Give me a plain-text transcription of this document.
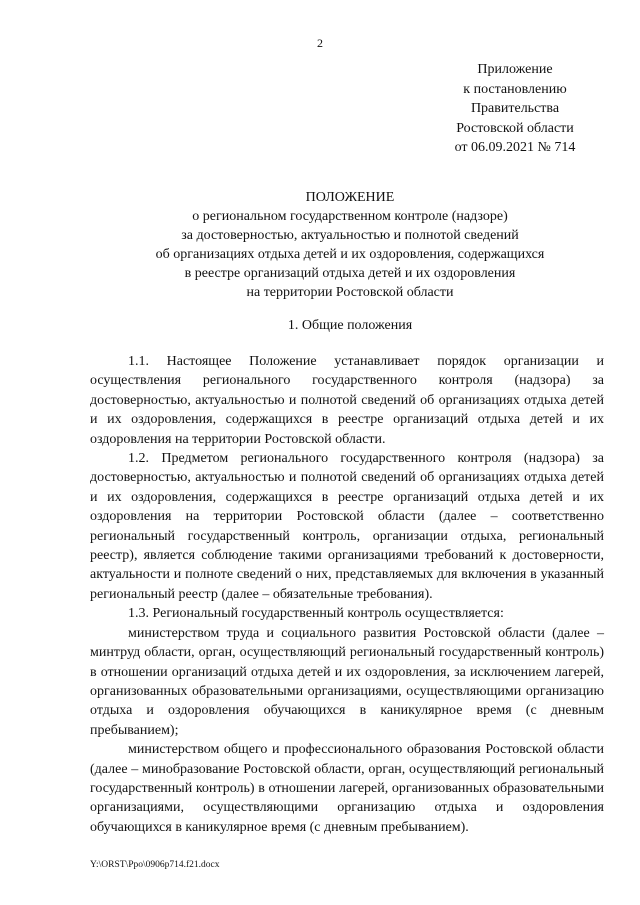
2
Приложение
к постановлению
Правительства
Ростовской области
от 06.09.2021 № 714
ПОЛОЖЕНИЕ
о региональном государственном контроле (надзоре)
за достоверностью, актуальностью и полнотой сведений
об организациях отдыха детей и их оздоровления, содержащихся
в реестре организаций отдыха детей и их оздоровления
на территории Ростовской области
1. Общие положения

1.1. Настоящее Положение устанавливает порядок организации и осуществления регионального государственного контроля (надзора) за достоверностью, актуальностью и полнотой сведений об организациях отдыха детей и их оздоровления, содержащихся в реестре организаций отдыха детей и их оздоровления на территории Ростовской области.

1.2. Предметом регионального государственного контроля (надзора) за достоверностью, актуальностью и полнотой сведений об организациях отдыха детей и их оздоровления, содержащихся в реестре организаций отдыха детей и их оздоровления на территории Ростовской области (далее – соответственно региональный государственный контроль, организации отдыха, региональный реестр), является соблюдение такими организациями требований к достоверности, актуальности и полноте сведений о них, представляемых для включения в указанный региональный реестр (далее – обязательные требования).

1.3. Региональный государственный контроль осуществляется:

министерством труда и социального развития Ростовской области (далее – минтруд области, орган, осуществляющий региональный государственный контроль) в отношении организаций отдыха детей и их оздоровления, за исключением лагерей, организованных образовательными организациями, осуществляющими организацию отдыха и оздоровления обучающихся в каникулярное время (с дневным пребыванием);

министерством общего и профессионального образования Ростовской области (далее – минобразование Ростовской области, орган, осуществляющий региональный государственный контроль) в отношении лагерей, организованных образовательными организациями, осуществляющими организацию отдыха и оздоровления обучающихся в каникулярное время (с дневным пребыванием).

Y:\ORST\Ppo\0906p714.f21.docx
